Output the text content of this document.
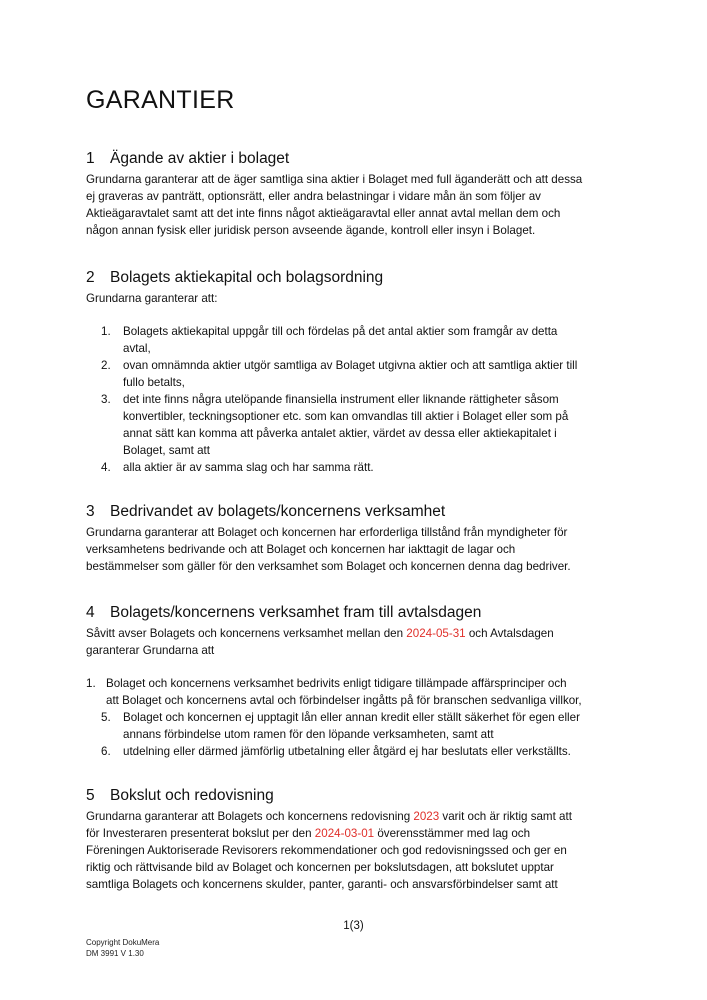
GARANTIER
1 Ägande av aktier i bolaget

Grundarna garanterar att de äger samtliga sina aktier i Bolaget med full äganderätt och att dessa

ej graveras av panträtt, optionsrätt, eller andra belastningar i vidare mån än som följer av

Aktieägaravtalet samt att det inte finns något aktieägaravtal eller annat avtal mellan dem och

någon annan fysisk eller juridisk person avseende ägande, kontroll eller insyn i Bolaget.

2 Bolagets aktiekapital och bolagsordning

Grundarna garanterar att:

1. Bolagets aktiekapital uppgår till och fördelas på det antal aktier som framgår av detta
avtal,
2. ovan omnämnda aktier utgör samtliga av Bolaget utgivna aktier och att samtliga aktier till
fullo betalts,
3. det inte finns några utelöpande finansiella instrument eller liknande rättigheter såsom
konvertibler, teckningsoptioner etc. som kan omvandlas till aktier i Bolaget eller som på
annat sätt kan komma att påverka antalet aktier, värdet av dessa eller aktiekapitalet i
Bolaget, samt att
4. alla aktier är av samma slag och har samma rätt.
3 Bedrivandet av bolagets/koncernens verksamhet

Grundarna garanterar att Bolaget och koncernen har erforderliga tillstånd från myndigheter för

verksamhetens bedrivande och att Bolaget och koncernen har iakttagit de lagar och

bestämmelser som gäller för den verksamhet som Bolaget och koncernen denna dag bedriver.

4 Bolagets/koncernens verksamhet fram till avtalsdagen

Såvitt avser Bolagets och koncernens verksamhet mellan den 2024-05-31 och Avtalsdagen

garanterar Grundarna att

1. Bolaget och koncernens verksamhet bedrivits enligt tidigare tillämpade affärsprinciper och
att Bolaget och koncernens avtal och förbindelser ingåtts på för branschen sedvanliga villkor,
5. Bolaget och koncernen ej upptagit lån eller annan kredit eller ställt säkerhet för egen eller
annans förbindelse utom ramen för den löpande verksamheten, samt att
6. utdelning eller därmed jämförlig utbetalning eller åtgärd ej har beslutats eller verkställts.
5 Bokslut och redovisning

Grundarna garanterar att Bolagets och koncernens redovisning 2023 varit och är riktig samt att

för Investeraren presenterat bokslut per den 2024-03-01 överensstämmer med lag och

Föreningen Auktoriserade Revisorers rekommendationer och god redovisningssed och ger en

riktig och rättvisande bild av Bolaget och koncernen per bokslutsdagen, att bokslutet upptar

samtliga Bolagets och koncernens skulder, panter, garanti- och ansvarsförbindelser samt att

1(3)
Copyright DokuMera
DM 3991 V 1.30
